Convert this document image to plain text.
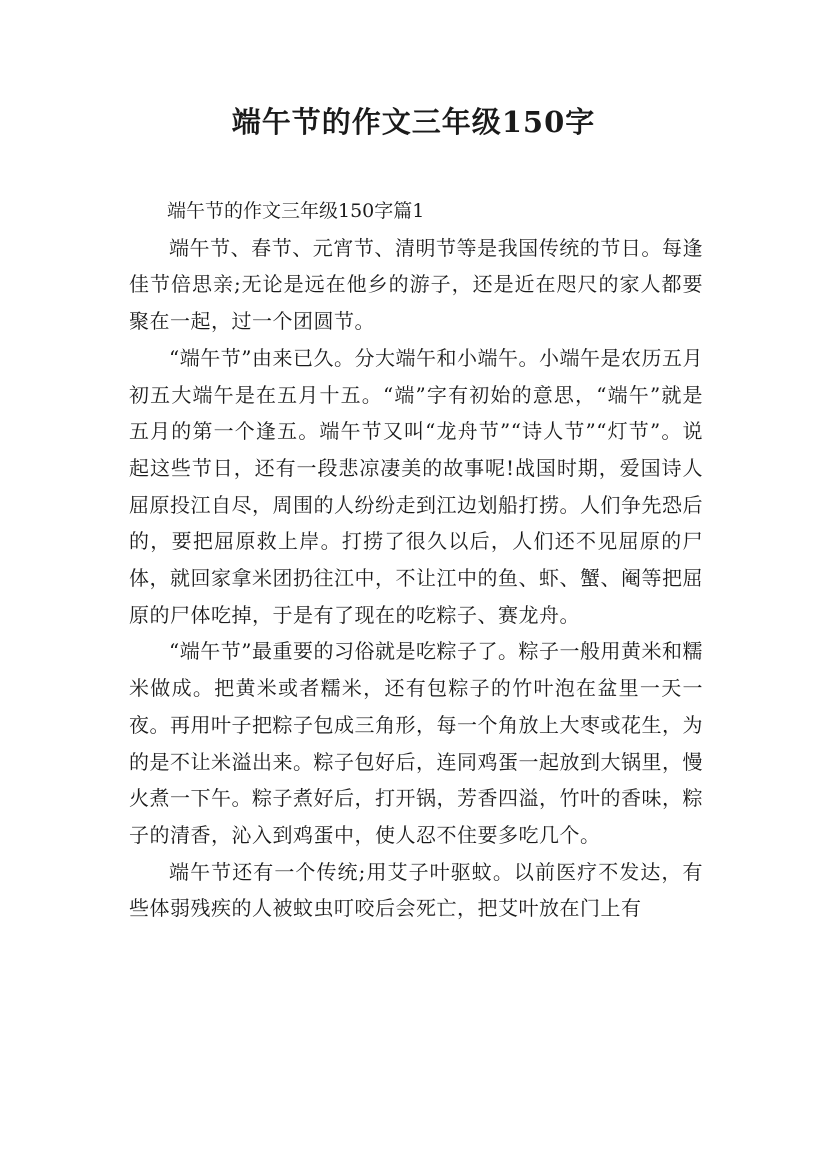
端午节的作文三年级150字

端午节的作文三年级150字篇1

端午节、春节、元宵节、清明节等是我国传统的节日。每逢佳节倍思亲;无论是远在他乡的游子，还是近在咫尺的家人都要聚在一起，过一个团圆节。

“端午节”由来已久。分大端午和小端午。小端午是农历五月初五大端午是在五月十五。“端”字有初始的意思，“端午”就是五月的第一个逢五。端午节又叫“龙舟节”“诗人节”“灯节”。说起这些节日，还有一段悲凉凄美的故事呢!战国时期，爱国诗人屈原投江自尽，周围的人纷纷走到江边划船打捞。人们争先恐后的，要把屈原救上岸。打捞了很久以后，人们还不见屈原的尸体，就回家拿米团扔往江中，不让江中的鱼、虾、蟹、阉等把屈原的尸体吃掉，于是有了现在的吃粽子、赛龙舟。

“端午节”最重要的习俗就是吃粽子了。粽子一般用黄米和糯米做成。把黄米或者糯米，还有包粽子的竹叶泡在盆里一天一夜。再用叶子把粽子包成三角形，每一个角放上大枣或花生，为的是不让米溢出来。粽子包好后，连同鸡蛋一起放到大锅里，慢火煮一下午。粽子煮好后，打开锅，芳香四溢，竹叶的香味，粽子的清香，沁入到鸡蛋中，使人忍不住要多吃几个。

端午节还有一个传统;用艾子叶驱蚊。以前医疗不发达，有些体弱残疾的人被蚊虫叮咬后会死亡，把艾叶放在门上有
